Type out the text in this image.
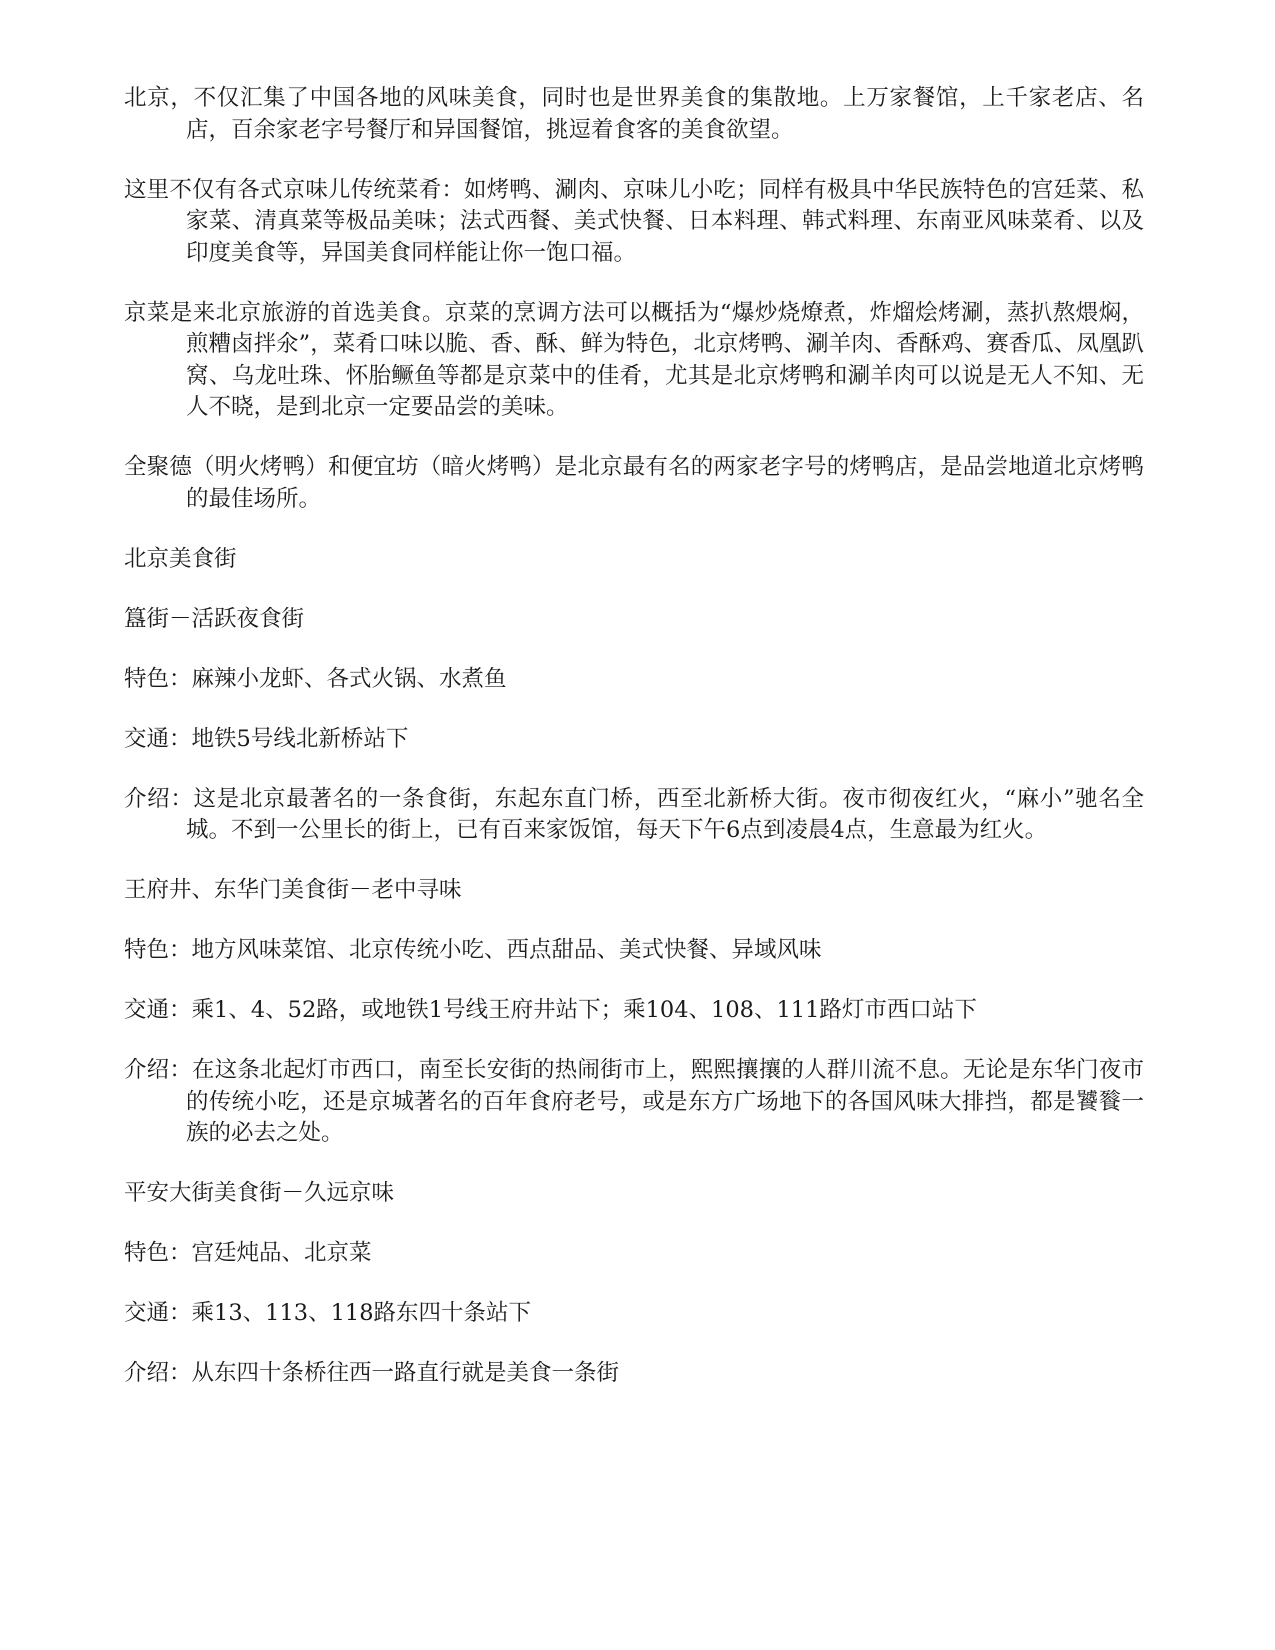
北京，不仅汇集了中国各地的风味美食，同时也是世界美食的集散地。上万家餐馆，上千家老店、名店，百余家老字号餐厅和异国餐馆，挑逗着食客的美食欲望。

这里不仅有各式京味儿传统菜肴：如烤鸭、涮肉、京味儿小吃；同样有极具中华民族特色的宫廷菜、私家菜、清真菜等极品美味；法式西餐、美式快餐、日本料理、韩式料理、东南亚风味菜肴、以及印度美食等，异国美食同样能让你一饱口福。

京菜是来北京旅游的首选美食。京菜的烹调方法可以概括为“爆炒烧燎煮，炸熘烩烤涮，蒸扒熬煨焖，煎糟卤拌氽”，菜肴口味以脆、香、酥、鲜为特色，北京烤鸭、涮羊肉、香酥鸡、赛香瓜、凤凰趴窝、乌龙吐珠、怀胎鳜鱼等都是京菜中的佳肴，尤其是北京烤鸭和涮羊肉可以说是无人不知、无人不晓，是到北京一定要品尝的美味。

全聚德（明火烤鸭）和便宜坊（暗火烤鸭）是北京最有名的两家老字号的烤鸭店，是品尝地道北京烤鸭的最佳场所。

北京美食街

簋街－活跃夜食街

特色：麻辣小龙虾、各式火锅、水煮鱼

交通：地铁5号线北新桥站下

介绍：这是北京最著名的一条食街，东起东直门桥，西至北新桥大街。夜市彻夜红火，“麻小”驰名全城。不到一公里长的街上，已有百来家饭馆，每天下午6点到凌晨4点，生意最为红火。

王府井、东华门美食街－老中寻味

特色：地方风味菜馆、北京传统小吃、西点甜品、美式快餐、异域风味

交通：乘1、4、52路，或地铁1号线王府井站下；乘104、108、111路灯市西口站下

介绍：在这条北起灯市西口，南至长安街的热闹街市上，熙熙攘攘的人群川流不息。无论是东华门夜市的传统小吃，还是京城著名的百年食府老号，或是东方广场地下的各国风味大排挡，都是饕餮一族的必去之处。

平安大街美食街－久远京味

特色：宫廷炖品、北京菜

交通：乘13、113、118路东四十条站下

介绍：从东四十条桥往西一路直行就是美食一条街
